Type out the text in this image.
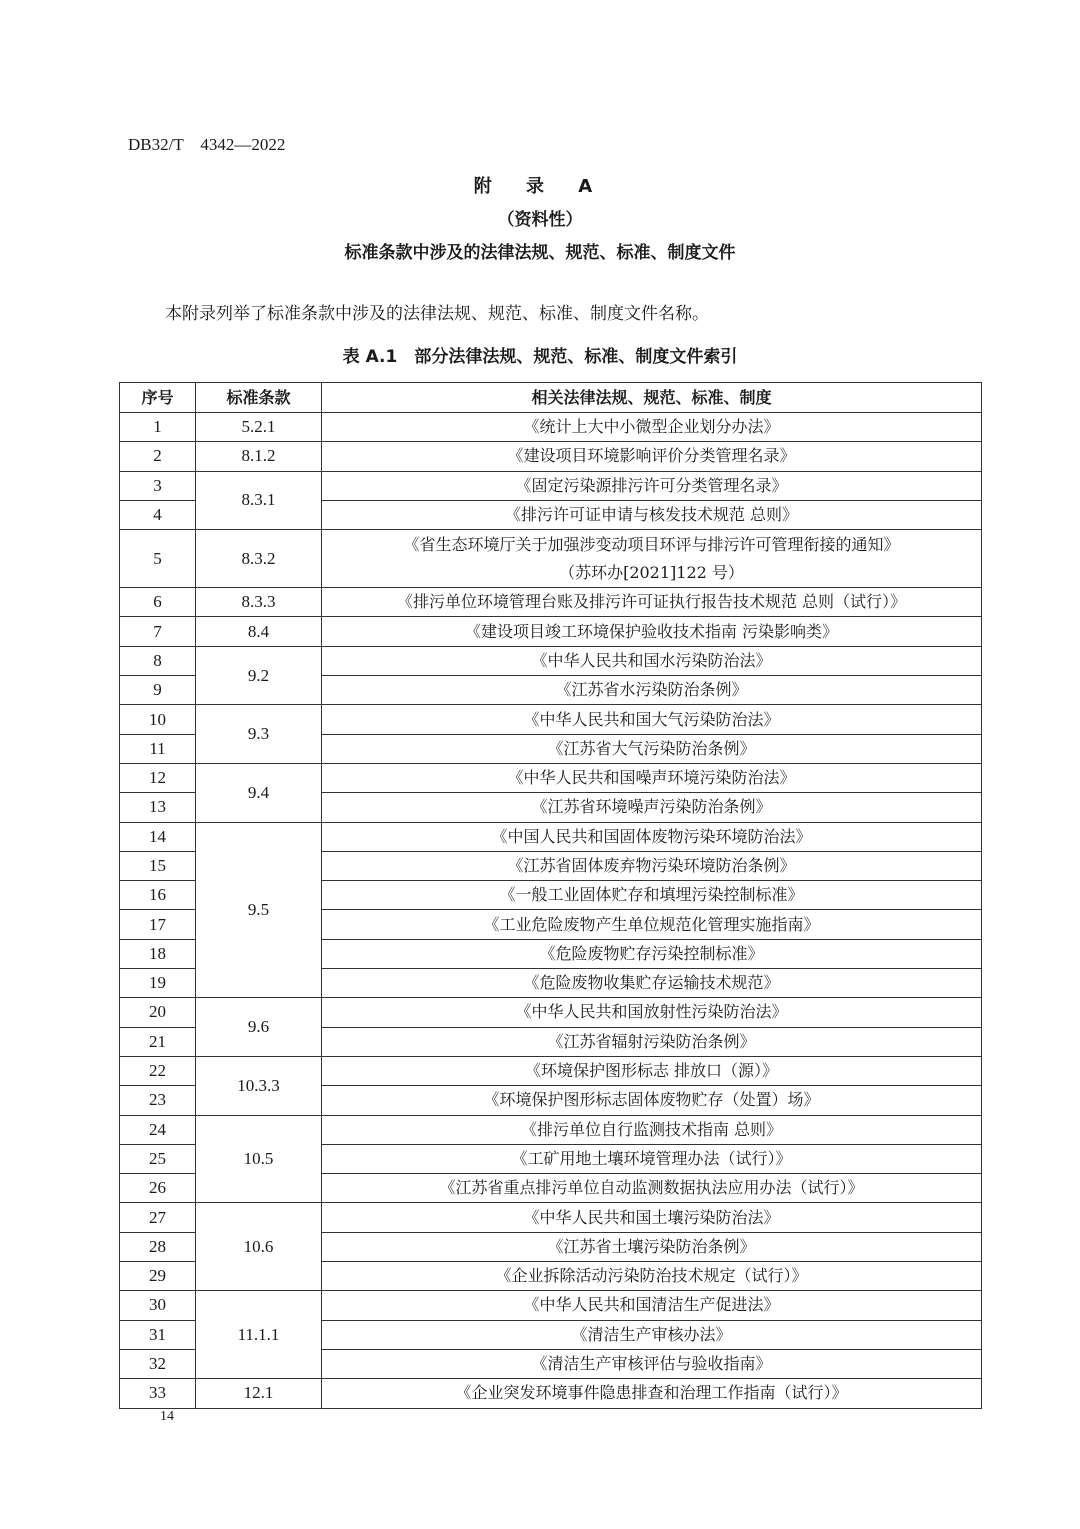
DB32/T　4342—2022
附 录 A
（资料性）
标准条款中涉及的法律法规、规范、标准、制度文件
本附录列举了标准条款中涉及的法律法规、规范、标准、制度文件名称。
表 A.1　部分法律法规、规范、标准、制度文件索引
序号	标准条款	相关法律法规、规范、标准、制度
1	5.2.1	《统计上大中小微型企业划分办法》
2	8.1.2	《建设项目环境影响评价分类管理名录》
3	8.3.1	《固定污染源排污许可分类管理名录》
4		《排污许可证申请与核发技术规范 总则》
5	8.3.2	《省生态环境厅关于加强涉变动项目环评与排污许可管理衔接的通知》
（苏环办[2021]122 号）

6	8.3.3	《排污单位环境管理台账及排污许可证执行报告技术规范 总则（试行）》
7	8.4	《建设项目竣工环境保护验收技术指南 污染影响类》
8	9.2	《中华人民共和国水污染防治法》
9		《江苏省水污染防治条例》
10	9.3	《中华人民共和国大气污染防治法》
11		《江苏省大气污染防治条例》
12	9.4	《中华人民共和国噪声环境污染防治法》
13		《江苏省环境噪声污染防治条例》
14	9.5	《中国人民共和国固体废物污染环境防治法》
15		《江苏省固体废弃物污染环境防治条例》
16		《一般工业固体贮存和填埋污染控制标准》
17		《工业危险废物产生单位规范化管理实施指南》
18		《危险废物贮存污染控制标准》
19		《危险废物收集贮存运输技术规范》
20	9.6	《中华人民共和国放射性污染防治法》
21		《江苏省辐射污染防治条例》
22	10.3.3	《环境保护图形标志 排放口（源）》
23		《环境保护图形标志固体废物贮存（处置）场》
24	10.5	《排污单位自行监测技术指南 总则》
25		《工矿用地土壤环境管理办法（试行）》
26		《江苏省重点排污单位自动监测数据执法应用办法（试行）》
27	10.6	《中华人民共和国土壤污染防治法》
28		《江苏省土壤污染防治条例》
29		《企业拆除活动污染防治技术规定（试行）》
30	11.1.1	《中华人民共和国清洁生产促进法》
31		《清洁生产审核办法》
32		《清洁生产审核评估与验收指南》
33	12.1	《企业突发环境事件隐患排查和治理工作指南（试行）》
14
